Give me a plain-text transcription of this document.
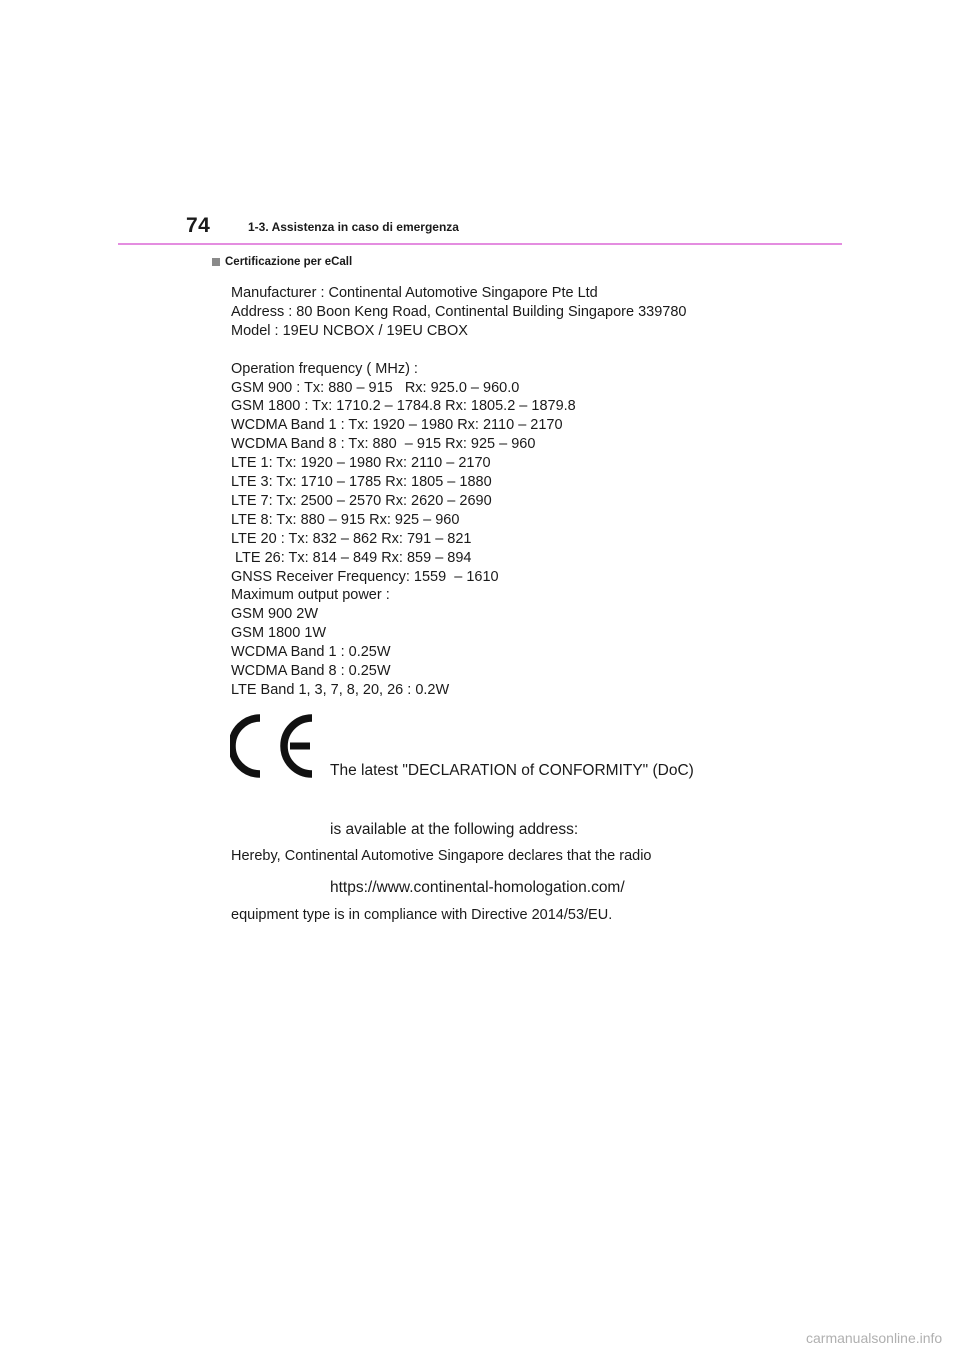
74	1-3. Assistenza in caso di emergenza
Certificazione per eCall
Manufacturer : Continental Automotive Singapore Pte Ltd
Address : 80 Boon Keng Road, Continental Building Singapore 339780
Model : 19EU NCBOX / 19EU CBOX
Operation frequency ( MHz) :
GSM 900 : Tx: 880 – 915   Rx: 925.0 – 960.0
GSM 1800 : Tx: 1710.2 – 1784.8 Rx: 1805.2 – 1879.8
WCDMA Band 1 : Tx: 1920 – 1980 Rx: 2110 – 2170
WCDMA Band 8 : Tx: 880  – 915 Rx: 925 – 960
LTE 1: Tx: 1920 – 1980 Rx: 2110 – 2170
LTE 3: Tx: 1710 – 1785 Rx: 1805 – 1880
LTE 7: Tx: 2500 – 2570 Rx: 2620 – 2690
LTE 8: Tx: 880 – 915 Rx: 925 – 960
LTE 20 : Tx: 832 – 862 Rx: 791 – 821
LTE 26: Tx: 814 – 849 Rx: 859 – 894
GNSS Receiver Frequency: 1559  – 1610
Maximum output power :
GSM 900 2W
GSM 1800 1W
WCDMA Band 1 : 0.25W
WCDMA Band 8 : 0.25W
LTE Band 1, 3, 7, 8, 20, 26 : 0.2W

The latest "DECLARATION of CONFORMITY" (DoC)

is available at the following address:

https://www.continental-homologation.com/

Hereby, Continental Automotive Singapore declares that the radio

equipment type is in compliance with Directive 2014/53/EU.

carmanualsonline.info
